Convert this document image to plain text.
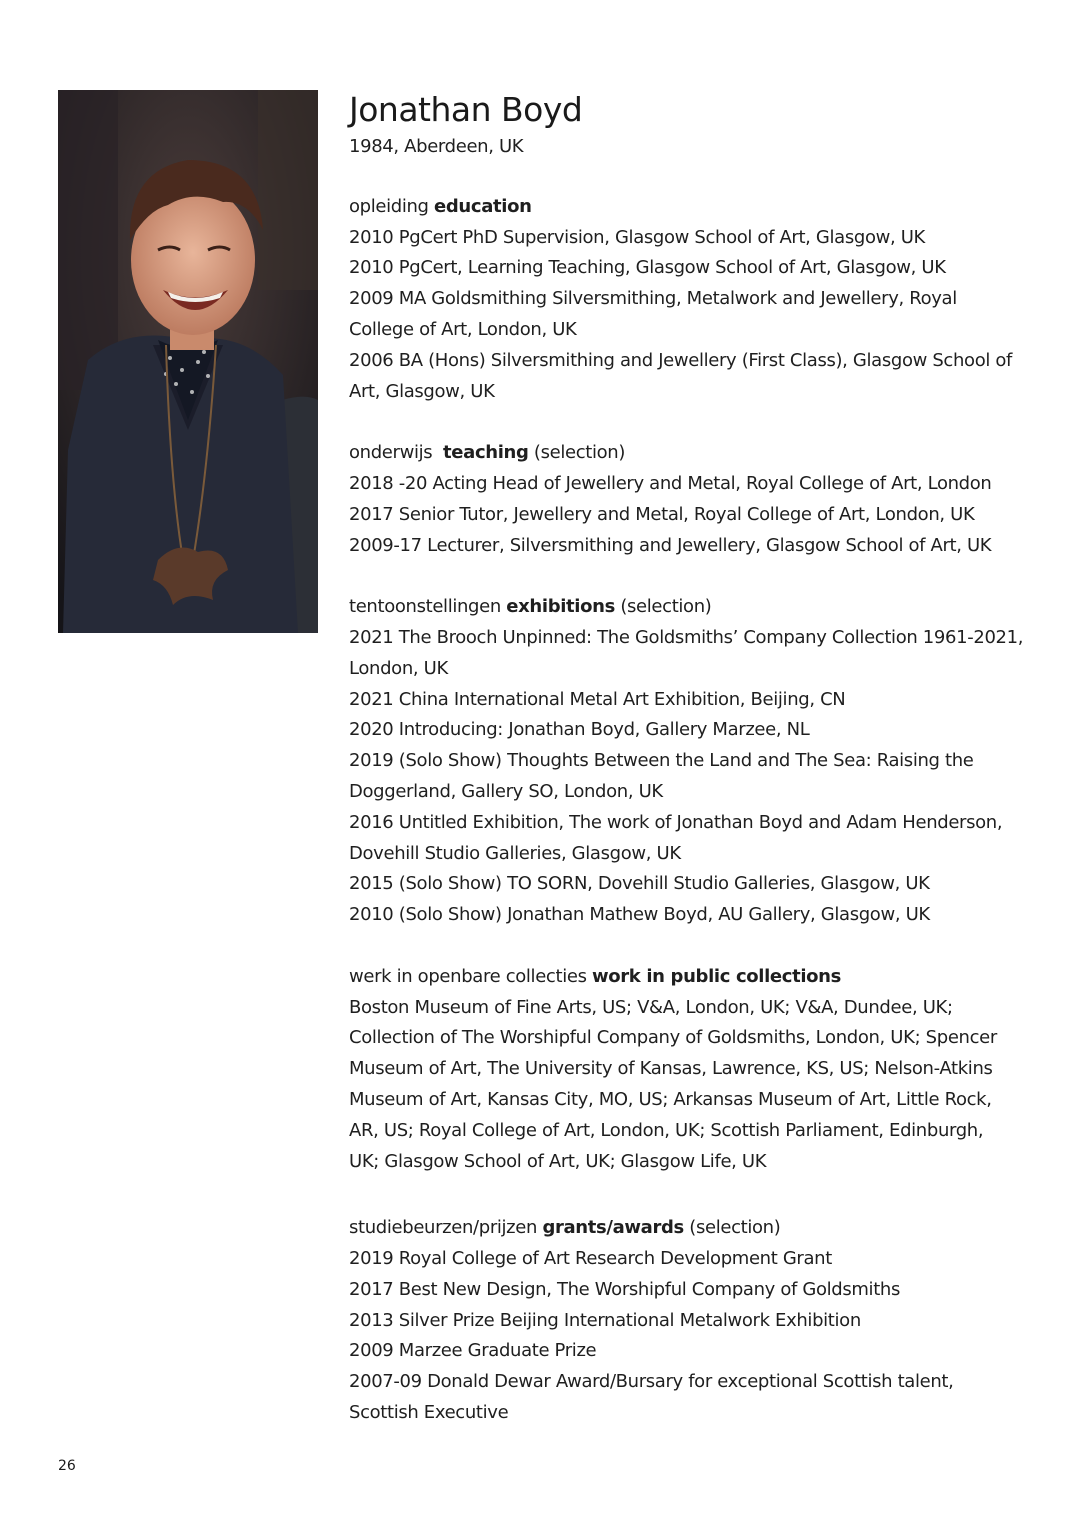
Jonathan Boyd

1984, Aberdeen, UK

opleiding education

2010 PgCert PhD Supervision, Glasgow School of Art, Glasgow, UK

2010 PgCert, Learning Teaching, Glasgow School of Art, Glasgow, UK

2009 MA Goldsmithing Silversmithing, Metalwork and Jewellery, Royal

College of Art, London, UK

2006 BA (Hons) Silversmithing and Jewellery (First Class), Glasgow School of

Art, Glasgow, UK

onderwijs teaching (selection)

2018 -20 Acting Head of Jewellery and Metal, Royal College of Art, London

2017 Senior Tutor, Jewellery and Metal, Royal College of Art, London, UK

2009-17 Lecturer, Silversmithing and Jewellery, Glasgow School of Art, UK

tentoonstellingen exhibitions (selection)

2021 The Brooch Unpinned: The Goldsmiths’ Company Collection 1961-2021,

London, UK

2021 China International Metal Art Exhibition, Beijing, CN

2020 Introducing: Jonathan Boyd, Gallery Marzee, NL

2019 (Solo Show) Thoughts Between the Land and The Sea: Raising the

Doggerland, Gallery SO, London, UK

2016 Untitled Exhibition, The work of Jonathan Boyd and Adam Henderson,

Dovehill Studio Galleries, Glasgow, UK

2015 (Solo Show) TO SORN, Dovehill Studio Galleries, Glasgow, UK

2010 (Solo Show) Jonathan Mathew Boyd, AU Gallery, Glasgow, UK

werk in openbare collecties work in public collections

Boston Museum of Fine Arts, US; V&A, London, UK; V&A, Dundee, UK;

Collection of The Worshipful Company of Goldsmiths, London, UK; Spencer

Museum of Art, The University of Kansas, Lawrence, KS, US; Nelson-Atkins

Museum of Art, Kansas City, MO, US; Arkansas Museum of Art, Little Rock,

AR, US; Royal College of Art, London, UK; Scottish Parliament, Edinburgh,

UK; Glasgow School of Art, UK; Glasgow Life, UK

studiebeurzen/prijzen grants/awards (selection)

2019 Royal College of Art Research Development Grant

2017 Best New Design, The Worshipful Company of Goldsmiths

2013 Silver Prize Beijing International Metalwork Exhibition

2009 Marzee Graduate Prize

2007-09 Donald Dewar Award/Bursary for exceptional Scottish talent,

Scottish Executive

26
